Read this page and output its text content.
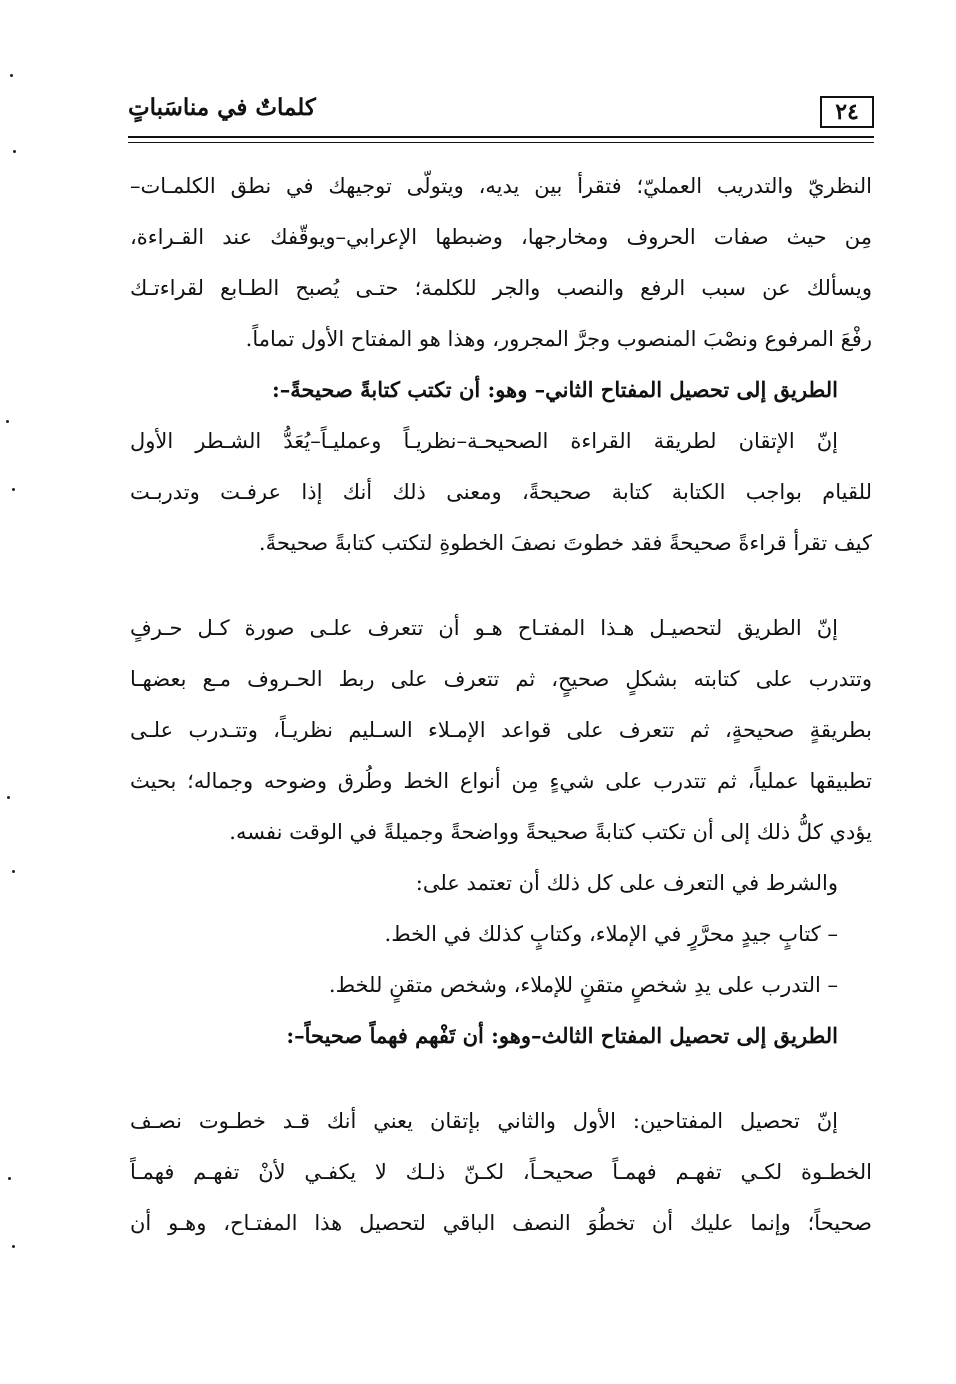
٢٤
كلماتٌ في مناسَباتٍ
النظريّ والتدريب العمليّ؛ فتقرأ بين يديه، ويتولّى توجيهك في نطق الكلمـات–
مِن حيث صفات الحروف ومخارجها، وضبطها الإعرابي–ويوقّفك عند القـراءة،
ويسألك عن سبب الرفع والنصب والجر للكلمة؛ حتـى يُصبح الطـابع لقراءتـك
رفْعَ المرفوع ونصْبَ المنصوب وجرَّ المجرور، وهذا هو المفتاح الأول تماماً.
الطريق إلى تحصيل المفتاح الثاني– وهو: أن تكتب كتابةً صحيحةً–:
إنّ الإتقان لطريقة القراءة الصحيحـة–نظريـاً وعمليـاً–يُعَدُّ الشـطر الأول
للقيام بواجب الكتابة كتابة صحيحةً، ومعنى ذلك أنك إذا عرفـت وتدربـت
كيف تقرأ قراءةً صحيحةً فقد خطوتَ نصفَ الخطوةِ لتكتب كتابةً صحيحةً.
إنّ الطريق لتحصيـل هـذا المفتـاح هـو أن تتعرف علـى صورة كـل حـرفٍ
وتتدرب على كتابته بشكلٍ صحيحٍ، ثم تتعرف على ربط الحـروف مـع بعضهـا
بطريقةٍ صحيحةٍ، ثم تتعرف على قواعد الإمـلاء السـليم نظريـاً، وتتـدرب علـى
تطبيقها عملياً، ثم تتدرب على شيءٍ مِن أنواع الخط وطُرق وضوحه وجماله؛ بحيث
يؤدي كلُّ ذلك إلى أن تكتب كتابةً صحيحةً وواضحةً وجميلةً في الوقت نفسه.
والشرط في التعرف على كل ذلك أن تعتمد على:
– كتابٍ جيدٍ محرَّرٍ في الإملاء، وكتابٍ كذلك في الخط.
– التدرب على يدِ شخصٍ متقنٍ للإملاء، وشخص متقنٍ للخط.
الطريق إلى تحصيل المفتاح الثالث–وهو: أن تَفْهم فهماً صحيحاً–:
إنّ تحصيل المفتاحين: الأول والثاني بإتقان يعني أنك قـد خطـوت نصـف
الخطـوة لكـي تفهـم فهمـاً صحيحـاً، لكـنّ ذلـك لا يكفـي لأنْ تفهـم فهمـاً
صحيحاً؛ وإنما عليك أن تخطُوَ النصف الباقي لتحصيل هذا المفتـاح، وهـو أن
